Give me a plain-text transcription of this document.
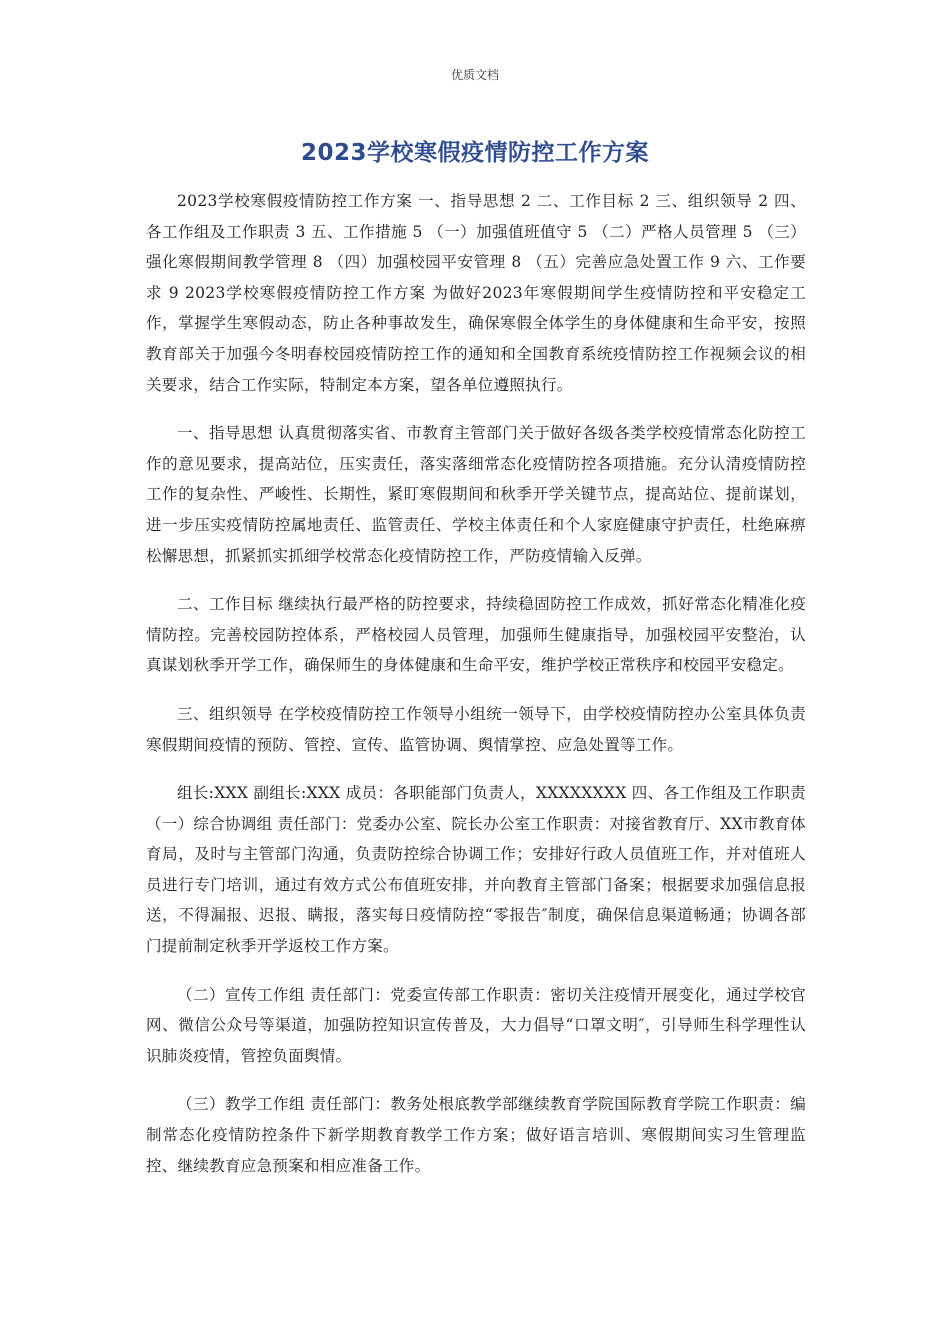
优质文档
2023学校寒假疫情防控工作方案

2023学校寒假疫情防控工作方案 一、指导思想 2 二、工作目标 2 三、组织领导 2 四、各工作组及工作职责 3 五、工作措施 5 （一）加强值班值守 5 （二）严格人员管理 5 （三）强化寒假期间教学管理 8 （四）加强校园平安管理 8 （五）完善应急处置工作 9 六、工作要求 9 2023学校寒假疫情防控工作方案 为做好2023年寒假期间学生疫情防控和平安稳定工作，掌握学生寒假动态，防止各种事故发生，确保寒假全体学生的身体健康和生命平安，按照教育部关于加强今冬明春校园疫情防控工作的通知和全国教育系统疫情防控工作视频会议的相关要求，结合工作实际，特制定本方案，望各单位遵照执行。

一、指导思想 认真贯彻落实省、市教育主管部门关于做好各级各类学校疫情常态化防控工作的意见要求，提高站位，压实责任，落实落细常态化疫情防控各项措施。充分认清疫情防控工作的复杂性、严峻性、长期性，紧盯寒假期间和秋季开学关键节点，提高站位、提前谋划，进一步压实疫情防控属地责任、监管责任、学校主体责任和个人家庭健康守护责任，杜绝麻痹松懈思想，抓紧抓实抓细学校常态化疫情防控工作，严防疫情输入反弹。

二、工作目标 继续执行最严格的防控要求，持续稳固防控工作成效，抓好常态化精准化疫情防控。完善校园防控体系，严格校园人员管理，加强师生健康指导，加强校园平安整治，认真谋划秋季开学工作，确保师生的身体健康和生命平安，维护学校正常秩序和校园平安稳定。

三、组织领导 在学校疫情防控工作领导小组统一领导下，由学校疫情防控办公室具体负责寒假期间疫情的预防、管控、宣传、监管协调、舆情掌控、应急处置等工作。

组长:XXX 副组长:XXX 成员：各职能部门负责人，XXXXXXXX 四、各工作组及工作职责 （一）综合协调组 责任部门：党委办公室、院长办公室工作职责：对接省教育厅、XX市教育体育局，及时与主管部门沟通，负责防控综合协调工作；安排好行政人员值班工作，并对值班人员进行专门培训，通过有效方式公布值班安排，并向教育主管部门备案；根据要求加强信息报送，不得漏报、迟报、瞒报，落实每日疫情防控“零报告″制度，确保信息渠道畅通；协调各部门提前制定秋季开学返校工作方案。

（二）宣传工作组 责任部门：党委宣传部工作职责：密切关注疫情开展变化，通过学校官网、微信公众号等渠道，加强防控知识宣传普及，大力倡导“口罩文明″，引导师生科学理性认识肺炎疫情，管控负面舆情。

（三）教学工作组 责任部门：教务处根底教学部继续教育学院国际教育学院工作职责：编制常态化疫情防控条件下新学期教育教学工作方案；做好语言培训、寒假期间实习生管理监控、继续教育应急预案和相应准备工作。
